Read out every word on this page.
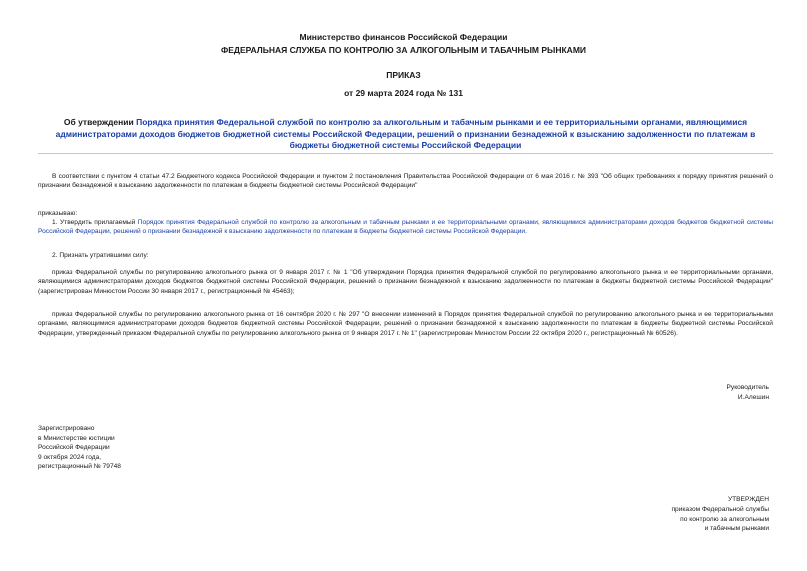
Министерство финансов Российской Федерации
ФЕДЕРАЛЬНАЯ СЛУЖБА ПО КОНТРОЛЮ ЗА АЛКОГОЛЬНЫМ И ТАБАЧНЫМ РЫНКАМИ
ПРИКАЗ
от 29 марта 2024 года № 131
Об утверждении Порядка принятия Федеральной службой по контролю за алкогольным и табачным рынками и ее территориальными органами, являющимися администраторами доходов бюджетов бюджетной системы Российской Федерации, решений о признании безнадежной к взысканию задолженности по платежам в бюджеты бюджетной системы Российской Федерации
В соответствии с пунктом 4 статьи 47.2 Бюджетного кодекса Российской Федерации и пунктом 2 постановления Правительства Российской Федерации от 6 мая 2016 г. № 393 "Об общих требованиях к порядку принятия решений о признании безнадежной к взысканию задолженности по платежам в бюджеты бюджетной системы Российской Федерации"
приказываю:
1. Утвердить прилагаемый Порядок принятия Федеральной службой по контролю за алкогольным и табачным рынками и ее территориальными органами, являющимися администраторами доходов бюджетов бюджетной системы Российской Федерации, решений о признании безнадежной к взысканию задолженности по платежам в бюджеты бюджетной системы Российской Федерации.
2. Признать утратившими силу:
приказ Федеральной службы по регулированию алкогольного рынка от 9 января 2017 г. № 1 "Об утверждении Порядка принятия Федеральной службой по регулированию алкогольного рынка и ее территориальными органами, являющимися администраторами доходов бюджетов бюджетной системы Российской Федерации, решений о признании безнадежной к взысканию задолженности по платежам в бюджеты бюджетной системы Российской Федерации" (зарегистрирован Минюстом России 30 января 2017 г., регистрационный № 45463);
приказ Федеральной службы по регулированию алкогольного рынка от 16 сентября 2020 г. № 297 "О внесении изменений в Порядок принятия Федеральной службой по регулированию алкогольного рынка и ее территориальными органами, являющимися администраторами доходов бюджетов бюджетной системы Российской Федерации, решений о признании безнадежной к взысканию задолженности по платежам в бюджеты бюджетной системы Российской Федерации, утвержденный приказом Федеральной службы по регулированию алкогольного рынка от 9 января 2017 г. № 1" (зарегистрирован Минюстом России 22 октября 2020 г., регистрационный № 60526).
Руководитель
И.Алешин
Зарегистрировано
в Министерстве юстиции
Российской Федерации
9 октября 2024 года,
регистрационный № 79748
УТВЕРЖДЕН
приказом Федеральной службы
по контролю за алкогольным
и табачным рынками
